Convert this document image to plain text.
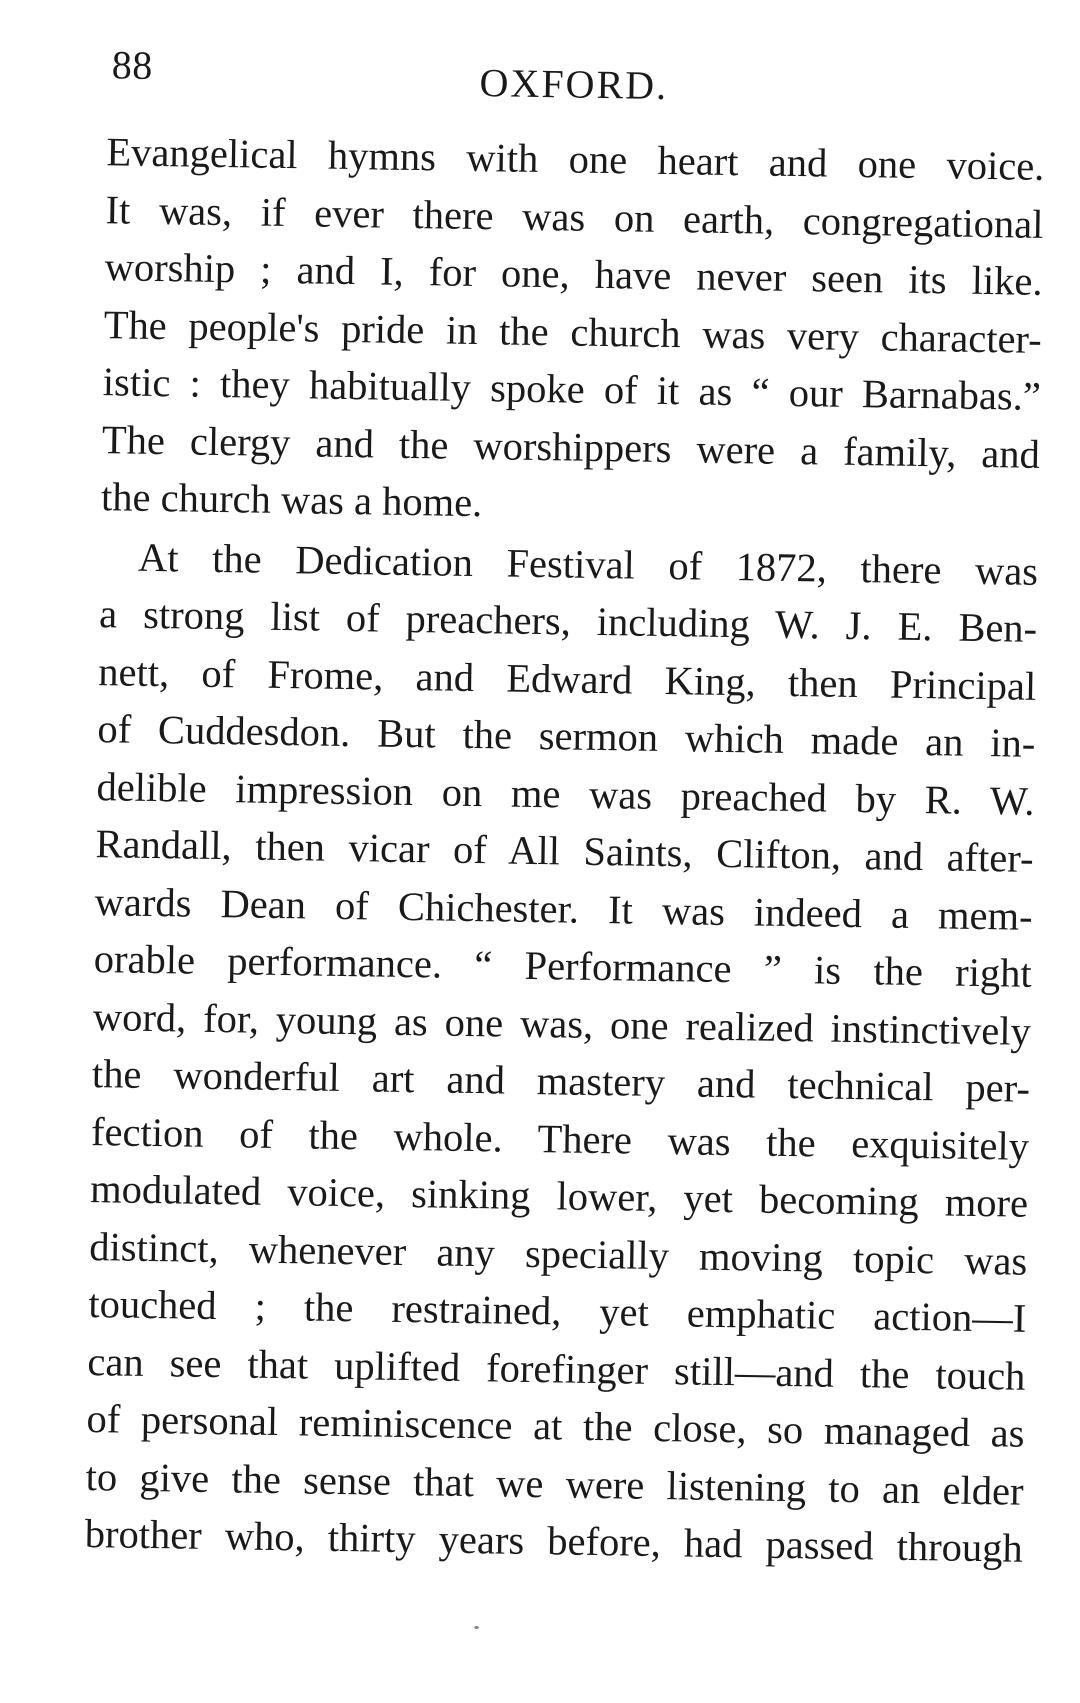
88	OXFORD.
Evangelical hymns with one heart and one voice.
It was, if ever there was on earth, congregational
worship ; and I, for one, have never seen its like.
The people's pride in the church was very character-
istic : they habitually spoke of it as “ our Barnabas.”
The clergy and the worshippers were a family, and
the church was a home.
At the Dedication Festival of 1872, there was
a strong list of preachers, including W. J. E. Ben-
nett, of Frome, and Edward King, then Principal
of Cuddesdon. But the sermon which made an in-
delible impression on me was preached by R. W.
Randall, then vicar of All Saints, Clifton, and after-
wards Dean of Chichester. It was indeed a mem-
orable performance. “ Performance ” is the right
word, for, young as one was, one realized instinctively
the wonderful art and mastery and technical per-
fection of the whole. There was the exquisitely
modulated voice, sinking lower, yet becoming more
distinct, whenever any specially moving topic was
touched ; the restrained, yet emphatic action—I
can see that uplifted forefinger still—and the touch
of personal reminiscence at the close, so managed as
to give the sense that we were listening to an elder
brother who, thirty years before, had passed through
